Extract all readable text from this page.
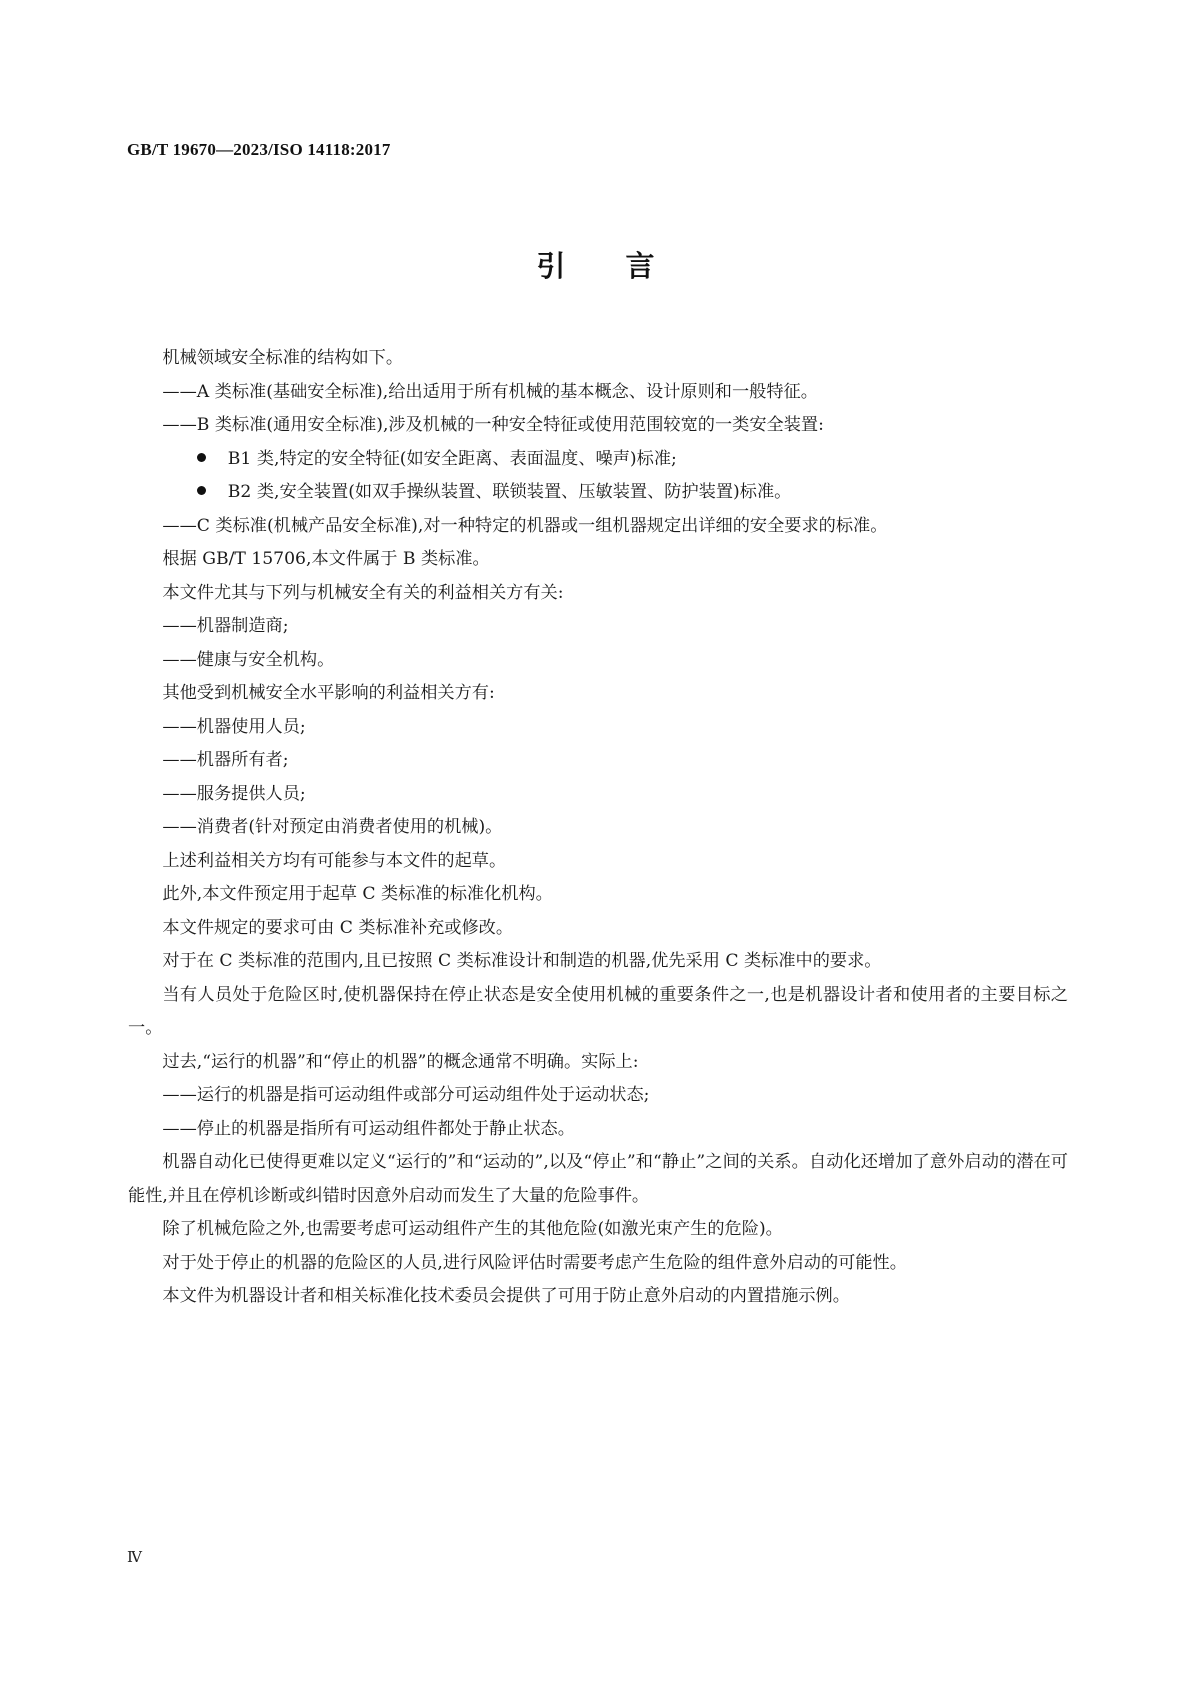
GB/T 19670—2023/ISO 14118:2017
引 言

机械领域安全标准的结构如下。

——A 类标准(基础安全标准),给出适用于所有机械的基本概念、设计原则和一般特征。

——B 类标准(通用安全标准),涉及机械的一种安全特征或使用范围较宽的一类安全装置:

B1 类,特定的安全特征(如安全距离、表面温度、噪声)标准;

B2 类,安全装置(如双手操纵装置、联锁装置、压敏装置、防护装置)标准。

——C 类标准(机械产品安全标准),对一种特定的机器或一组机器规定出详细的安全要求的标准。

根据 GB/T 15706,本文件属于 B 类标准。

本文件尤其与下列与机械安全有关的利益相关方有关:

——机器制造商;

——健康与安全机构。

其他受到机械安全水平影响的利益相关方有:

——机器使用人员;

——机器所有者;

——服务提供人员;

——消费者(针对预定由消费者使用的机械)。

上述利益相关方均有可能参与本文件的起草。

此外,本文件预定用于起草 C 类标准的标准化机构。

本文件规定的要求可由 C 类标准补充或修改。

对于在 C 类标准的范围内,且已按照 C 类标准设计和制造的机器,优先采用 C 类标准中的要求。

当有人员处于危险区时,使机器保持在停止状态是安全使用机械的重要条件之一,也是机器设计者和使用者的主要目标之一。

过去,“运行的机器”和“停止的机器”的概念通常不明确。实际上:

——运行的机器是指可运动组件或部分可运动组件处于运动状态;

——停止的机器是指所有可运动组件都处于静止状态。

机器自动化已使得更难以定义“运行的”和“运动的”,以及“停止”和“静止”之间的关系。自动化还增加了意外启动的潜在可能性,并且在停机诊断或纠错时因意外启动而发生了大量的危险事件。

除了机械危险之外,也需要考虑可运动组件产生的其他危险(如激光束产生的危险)。

对于处于停止的机器的危险区的人员,进行风险评估时需要考虑产生危险的组件意外启动的可能性。

本文件为机器设计者和相关标准化技术委员会提供了可用于防止意外启动的内置措施示例。

Ⅳ
